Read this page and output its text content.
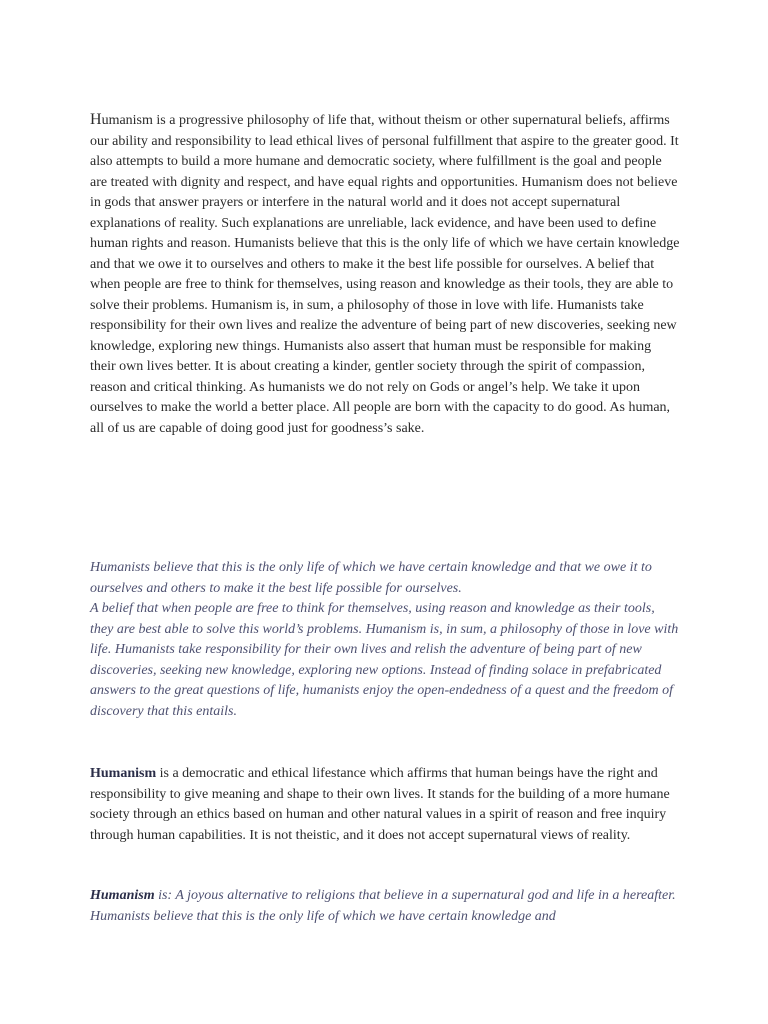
Humanism is a progressive philosophy of life that, without theism or other supernatural beliefs, affirms our ability and responsibility to lead ethical lives of personal fulfillment that aspire to the greater good. It also attempts to build a more humane and democratic society, where fulfillment is the goal and people are treated with dignity and respect, and have equal rights and opportunities. Humanism does not believe in gods that answer prayers or interfere in the natural world and it does not accept supernatural explanations of reality. Such explanations are unreliable, lack evidence, and have been used to define human rights and reason. Humanists believe that this is the only life of which we have certain knowledge and that we owe it to ourselves and others to make it the best life possible for ourselves. A belief that when people are free to think for themselves, using reason and knowledge as their tools, they are able to solve their problems. Humanism is, in sum, a philosophy of those in love with life. Humanists take responsibility for their own lives and realize the adventure of being part of new discoveries, seeking new knowledge, exploring new things. Humanists also assert that human must be responsible for making their own lives better. It is about creating a kinder, gentler society through the spirit of compassion, reason and critical thinking. As humanists we do not rely on Gods or angel’s help. We take it upon ourselves to make the world a better place. All people are born with the capacity to do good. As human, all of us are capable of doing good just for goodness’s sake.

Humanists believe that this is the only life of which we have certain knowledge and that we owe it to ourselves and others to make it the best life possible for ourselves.
A belief that when people are free to think for themselves, using reason and knowledge as their tools, they are best able to solve this world’s problems. Humanism is, in sum, a philosophy of those in love with life. Humanists take responsibility for their own lives and relish the adventure of being part of new discoveries, seeking new knowledge, exploring new options. Instead of finding solace in prefabricated answers to the great questions of life, humanists enjoy the open-endedness of a quest and the freedom of discovery that this entails.

Humanism is a democratic and ethical lifestance which affirms that human beings have the right and responsibility to give meaning and shape to their own lives. It stands for the building of a more humane society through an ethics based on human and other natural values in a spirit of reason and free inquiry through human capabilities. It is not theistic, and it does not accept supernatural views of reality.

Humanism is: A joyous alternative to religions that believe in a supernatural god and life in a hereafter. Humanists believe that this is the only life of which we have certain knowledge and
